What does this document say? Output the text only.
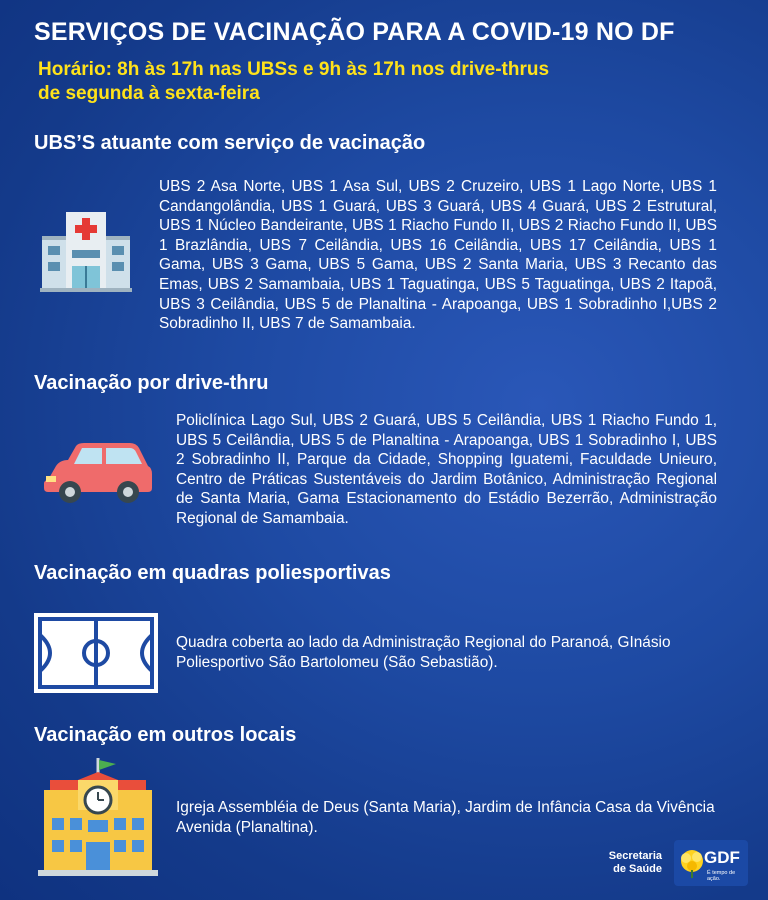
SERVIÇOS DE VACINAÇÃO PARA A COVID-19 NO DF
Horário: 8h às 17h nas UBSs e 9h às 17h nos drive-thrus
de segunda à sexta-feira
UBS’S atuante com serviço de vacinação
UBS 2 Asa Norte, UBS 1 Asa Sul, UBS 2 Cruzeiro, UBS 1 Lago Norte, UBS 1 Candangolândia, UBS 1 Guará, UBS 3 Guará, UBS 4 Guará, UBS 2 Estrutural, UBS 1 Núcleo Bandeirante, UBS 1 Riacho Fundo II, UBS 2 Riacho Fundo II, UBS 1 Brazlândia, UBS 7 Ceilândia, UBS 16 Ceilândia, UBS 17 Ceilândia, UBS 1 Gama, UBS 3 Gama, UBS 5 Gama, UBS 2 Santa Maria, UBS 3 Recanto das Emas, UBS 2 Samambaia, UBS 1 Taguatinga, UBS 5 Taguatinga, UBS 2 Itapoã, UBS 3 Ceilândia, UBS 5 de Planaltina - Arapoanga, UBS 1 Sobradinho I,UBS 2 Sobradinho II, UBS 7 de Samambaia.
Vacinação por drive-thru
Policlínica Lago Sul, UBS 2 Guará, UBS 5 Ceilândia, UBS 1 Riacho Fundo 1, UBS 5 Ceilândia, UBS 5 de Planaltina - Arapoanga, UBS 1 Sobradinho I, UBS 2 Sobradinho II, Parque da Cidade, Shopping Iguatemi, Faculdade Unieuro, Centro de Práticas Sustentáveis do Jardim Botânico, Administração Regional de Santa Maria, Gama Estacionamento do Estádio Bezerrão, Administração Regional de Samambaia.
Vacinação em quadras poliesportivas
Quadra coberta ao lado da Administração Regional do Paranoá, GInásio Poliesportivo São Bartolomeu (São Sebastião).
Vacinação em outros locais
Igreja Assembléia de Deus (Santa Maria), Jardim de Infância Casa da Vivência Avenida (Planaltina).
Secretaria
de Saúde
GDF
É tempo de ação.
